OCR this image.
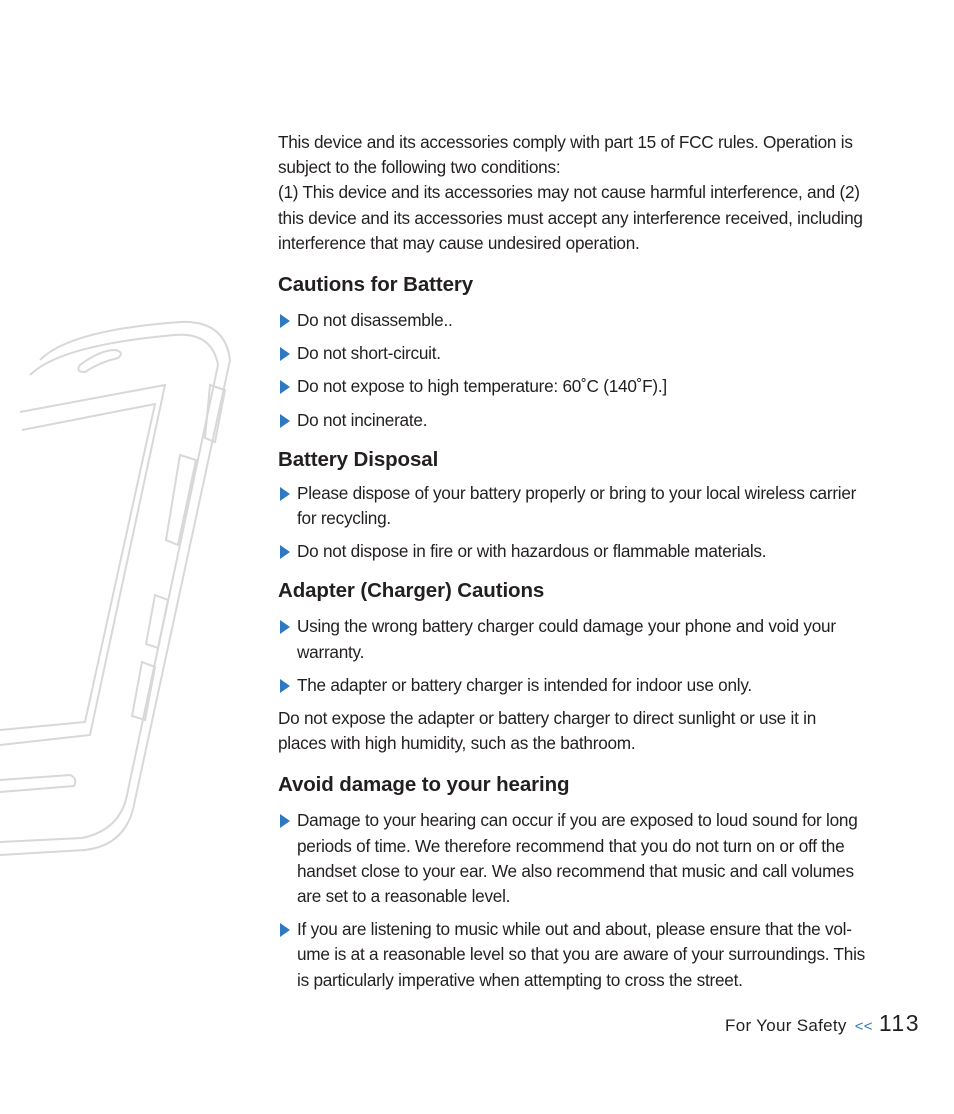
This device and its accessories comply with part 15 of FCC rules. Operation is
subject to the following two conditions:

(1) This device and its accessories may not cause harmful interference, and (2) this device and its accessories must accept any interference received, including interference that may cause undesired operation.

Cautions for Battery
Do not disassemble..
Do not short-circuit.
Do not expose to high temperature: 60˚C (140˚F).]
Do not incinerate.
Battery Disposal
Please dispose of your battery properly or bring to your local wireless carrier for recycling.
Do not dispose in fire or with hazardous or flammable materials.
Adapter (Charger) Cautions
Using the wrong battery charger could damage your phone and void your warranty.
The adapter or battery charger is intended for indoor use only.

Do not expose the adapter or battery charger to direct sunlight or use it in places with high humidity, such as the bathroom.

Avoid damage to your hearing
Damage to your hearing can occur if you are exposed to loud sound for long periods of time. We therefore recommend that you do not turn on or off the handset close to your ear. We also recommend that music and call volumes are set to a reasonable level.
If you are listening to music while out and about, please ensure that the vol-ume is at a reasonable level so that you are aware of your surroundings. This is particularly imperative when attempting to cross the street.
For Your Safety << 113
